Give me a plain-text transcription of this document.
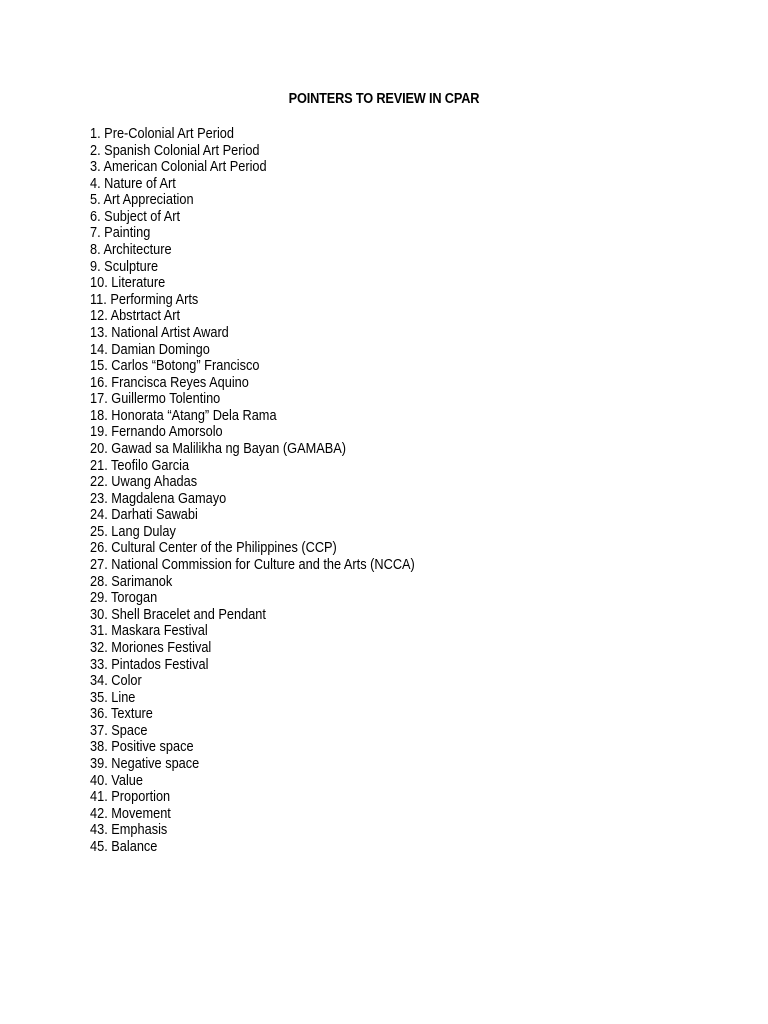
POINTERS TO REVIEW IN CPAR
1. Pre-Colonial Art Period
2. Spanish Colonial Art Period
3. American Colonial Art Period
4. Nature of Art
5. Art Appreciation
6. Subject of Art
7. Painting
8. Architecture
9. Sculpture
10. Literature
11. Performing Arts
12. Abstrtact Art
13. National Artist Award
14. Damian Domingo
15. Carlos “Botong” Francisco
16. Francisca Reyes Aquino
17. Guillermo Tolentino
18. Honorata “Atang” Dela Rama
19. Fernando Amorsolo
20. Gawad sa Malilikha ng Bayan (GAMABA)
21. Teofilo Garcia
22. Uwang Ahadas
23. Magdalena Gamayo
24. Darhati Sawabi
25. Lang Dulay
26. Cultural Center of the Philippines (CCP)
27. National Commission for Culture and the Arts (NCCA)
28. Sarimanok
29. Torogan
30. Shell Bracelet and Pendant
31. Maskara Festival
32. Moriones Festival
33. Pintados Festival
34. Color
35. Line
36. Texture
37. Space
38. Positive space
39. Negative space
40. Value
41. Proportion
42. Movement
43. Emphasis
45. Balance
